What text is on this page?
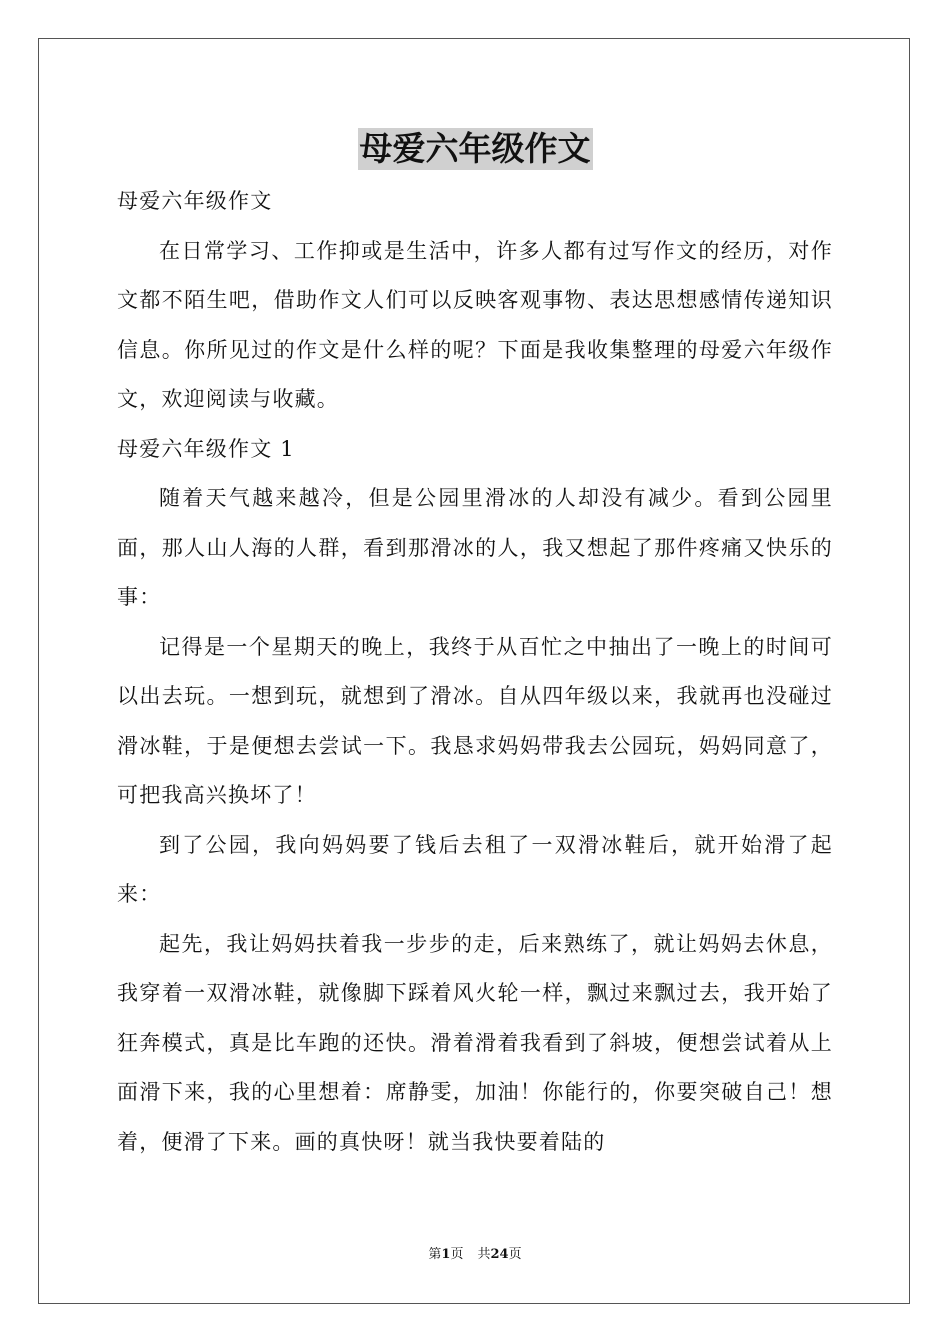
母爱六年级作文

母爱六年级作文

在日常学习、工作抑或是生活中，许多人都有过写作文的经历，对作文都不陌生吧，借助作文人们可以反映客观事物、表达思想感情传递知识信息。你所见过的作文是什么样的呢？下面是我收集整理的母爱六年级作文，欢迎阅读与收藏。

母爱六年级作文 1

随着天气越来越冷，但是公园里滑冰的人却没有减少。看到公园里面，那人山人海的人群，看到那滑冰的人，我又想起了那件疼痛又快乐的事：

记得是一个星期天的晚上，我终于从百忙之中抽出了一晚上的时间可以出去玩。一想到玩，就想到了滑冰。自从四年级以来，我就再也没碰过滑冰鞋，于是便想去尝试一下。我恳求妈妈带我去公园玩，妈妈同意了，可把我高兴换坏了！

到了公园，我向妈妈要了钱后去租了一双滑冰鞋后，就开始滑了起来：

起先，我让妈妈扶着我一步步的走，后来熟练了，就让妈妈去休息，我穿着一双滑冰鞋，就像脚下踩着风火轮一样，飘过来飘过去，我开始了狂奔模式，真是比车跑的还快。滑着滑着我看到了斜坡，便想尝试着从上面滑下来，我的心里想着：席静雯，加油！你能行的，你要突破自己！想着，便滑了下来。画的真快呀！就当我快要着陆的

第1页 共24页
